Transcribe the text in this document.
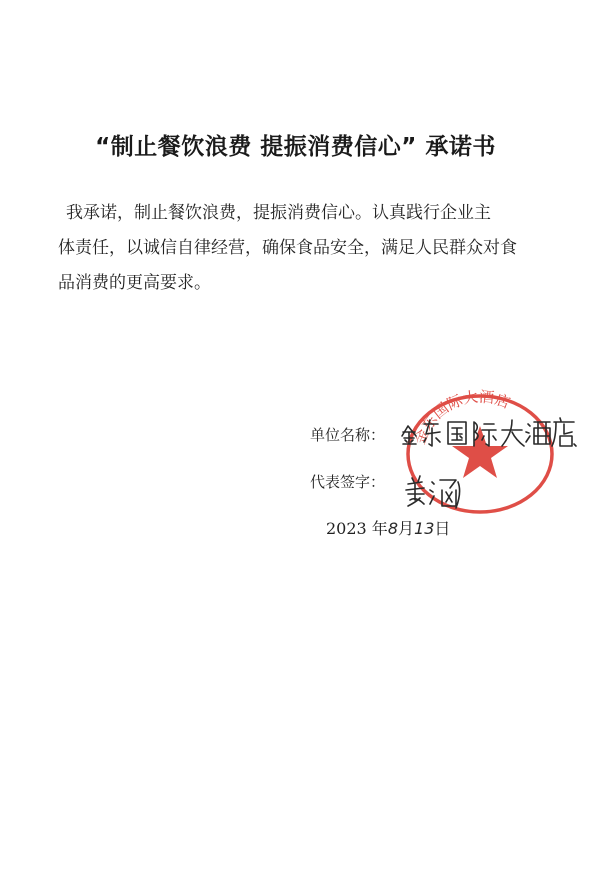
“制止餐饮浪费 提振消费信心” 承诺书
我承诺，制止餐饮浪费，提振消费信心。认真践行企业主
体责任，以诚信自律经营，确保食品安全，满足人民群众对食
品消费的更高要求。
金东国际大酒店
单位名称：
代表签字：
2023 年8月13日
